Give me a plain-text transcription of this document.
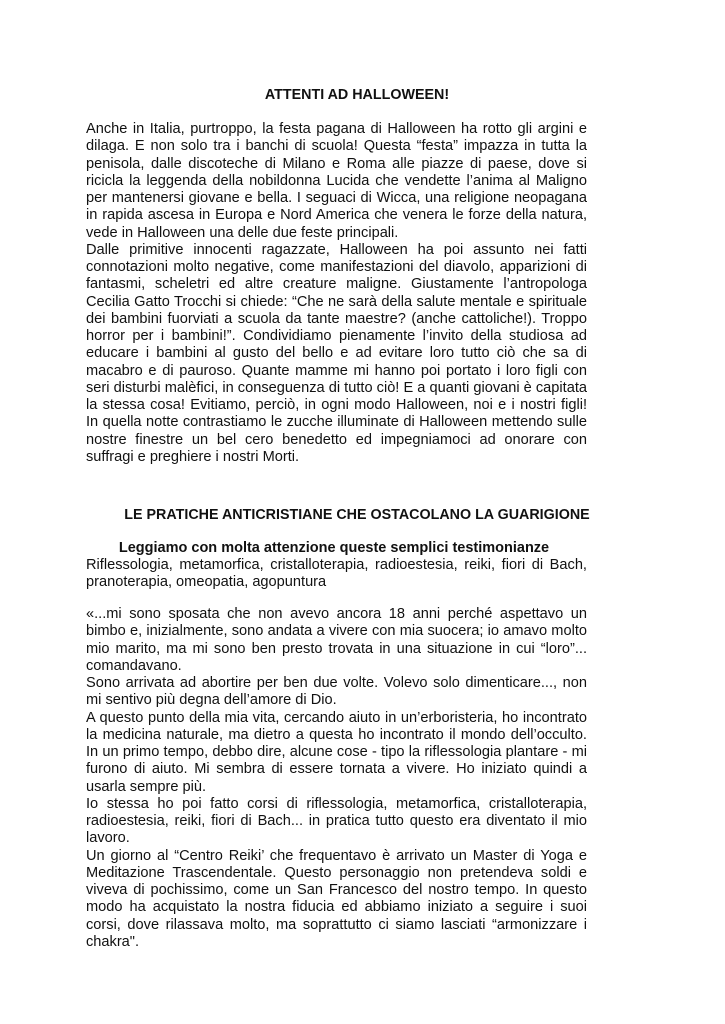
ATTENTI AD HALLOWEEN!

Anche in Italia, purtroppo, la festa pagana di Halloween ha rotto gli argini e dilaga. E non solo tra i banchi di scuola! Questa “festa” impazza in tutta la penisola, dalle discoteche di Milano e Roma alle piazze di paese, dove si ricicla la leggenda della nobildonna Lucida che vendette l’anima al Maligno per mantenersi giovane e bella. I seguaci di Wicca, una religione neopagana in rapida ascesa in Europa e Nord America che venera le forze della natura, vede in Halloween una delle due feste principali.

Dalle primitive innocenti ragazzate, Halloween ha poi assunto nei fatti connotazioni molto negative, come manifestazioni del diavolo, apparizioni di fantasmi, scheletri ed altre creature maligne. Giustamente l’antropologa Cecilia Gatto Trocchi si chiede: “Che ne sarà della salute mentale e spirituale dei bambini fuorviati a scuola da tante maestre? (anche cattoliche!). Troppo horror per i bambini!”. Condividiamo pienamente l’invito della studiosa ad educare i bambini al gusto del bello e ad evitare loro tutto ciò che sa di macabro e di pauroso. Quante mamme mi hanno poi portato i loro figli con seri disturbi malèfici, in conseguenza di tutto ciò! E a quanti giovani è capitata la stessa cosa! Evitiamo, perciò, in ogni modo Halloween, noi e i nostri figli! In quella notte contrastiamo le zucche illuminate di Halloween mettendo sulle nostre finestre un bel cero benedetto ed impegniamoci ad onorare con suffragi e preghiere i nostri Morti.

LE PRATICHE ANTICRISTIANE CHE OSTACOLANO LA GUARIGIONE
Leggiamo con molta attenzione queste semplici testimonianze

Riflessologia, metamorfica, cristalloterapia, radioestesia, reiki, fiori di Bach, pranoterapia, omeopatia, agopuntura

«...mi sono sposata che non avevo ancora 18 anni perché aspettavo un bimbo e, inizialmente, sono andata a vivere con mia suocera; io amavo molto mio marito, ma mi sono ben presto trovata in una situazione in cui “loro”... comandavano.

Sono arrivata ad abortire per ben due volte. Volevo solo dimenticare..., non mi sentivo più degna dell’amore di Dio.

A questo punto della mia vita, cercando aiuto in un’erboristeria, ho incontrato la medicina naturale, ma dietro a questa ho incontrato il mondo dell’occulto. In un primo tempo, debbo dire, alcune cose - tipo la riflessologia plantare - mi furono di aiuto. Mi sembra di essere tornata a vivere. Ho iniziato quindi a usarla sempre più.

Io stessa ho poi fatto corsi di riflessologia, metamorfica, cristalloterapia, radioestesia, reiki, fiori di Bach... in pratica tutto questo era diventato il mio lavoro.

Un giorno al “Centro Reiki’ che frequentavo è arrivato un Master di Yoga e Meditazione Trascendentale. Questo personaggio non pretendeva soldi e viveva di pochissimo, come un San Francesco del nostro tempo. In questo modo ha acquistato la nostra fiducia ed abbiamo iniziato a seguire i suoi corsi, dove rilassava molto, ma soprattutto ci siamo lasciati “armonizzare i chakra".
